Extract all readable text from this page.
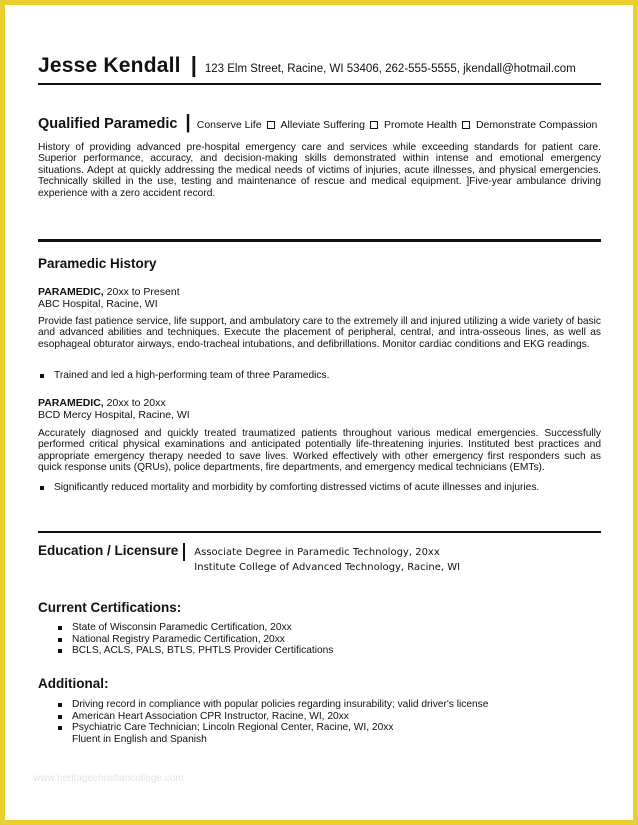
Jesse Kendall | 123 Elm Street, Racine, WI 53406, 262-555-5555, jkendall@hotmail.com
Qualified Paramedic | Conserve Life Alleviate Suffering Promote Health Demonstrate Compassion
History of providing advanced pre-hospital emergency care and services while exceeding standards for patient care. Superior performance, accuracy, and decision-making skills demonstrated within intense and emotional emergency situations. Adept at quickly addressing the medical needs of victims of injuries, acute illnesses, and physical emergencies. Technically skilled in the use, testing and maintenance of rescue and medical equipment. ]Five-year ambulance driving experience with a zero accident record.
Paramedic History
PARAMEDIC, 20xx to Present
ABC Hospital, Racine, WI
Provide fast patience service, life support, and ambulatory care to the extremely ill and injured utilizing a wide variety of basic and advanced abilities and techniques. Execute the placement of peripheral, central, and intra-osseous lines, as well as esophageal obturator airways, endo-tracheal intubations, and defibrillations. Monitor cardiac conditions and EKG readings.
Trained and led a high-performing team of three Paramedics.
PARAMEDIC, 20xx to 20xx
BCD Mercy Hospital, Racine, WI
Accurately diagnosed and quickly treated traumatized patients throughout various medical emergencies. Successfully performed critical physical examinations and anticipated potentially life-threatening injuries. Instituted best practices and appropriate emergency therapy needed to save lives. Worked effectively with other emergency first responders such as quick response units (QRUs), police departments, fire departments, and emergency medical technicians (EMTs).
Significantly reduced mortality and morbidity by comforting distressed victims of acute illnesses and injuries.
Education / Licensure Associate Degree in Paramedic Technology, 20xx
Institute College of Advanced Technology, Racine, WI
Current Certifications:
State of Wisconsin Paramedic Certification, 20xx
National Registry Paramedic Certification, 20xx
BCLS, ACLS, PALS, BTLS, PHTLS Provider Certifications
Additional:
Driving record in compliance with popular policies regarding insurability; valid driver's license
American Heart Association CPR Instructor, Racine, WI, 20xx
Psychiatric Care Technician; Lincoln Regional Center, Racine, WI, 20xx
Fluent in English and Spanish
www.heritagechristiancollege.com
